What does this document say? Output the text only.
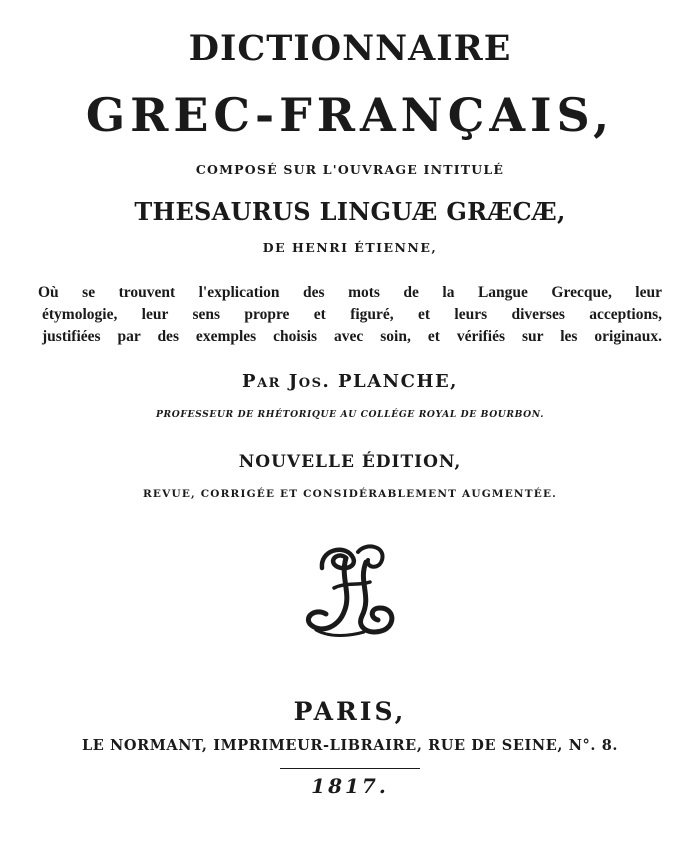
DICTIONNAIRE
GREC-FRANÇAIS,
COMPOSÉ SUR L'OUVRAGE INTITULÉ
THESAURUS LINGUÆ GRÆCÆ,
DE HENRI ÉTIENNE,
Où se trouvent l'explication des mots de la Langue Grecque, leur
étymologie, leur sens propre et figuré, et leurs diverses acceptions,
justifiées par des exemples choisis avec soin, et vérifiés sur les originaux.
Par Jos. PLANCHE,
PROFESSEUR DE RHÉTORIQUE AU COLLÉGE ROYAL DE BOURBON.
NOUVELLE ÉDITION,
REVUE, CORRIGÉE ET CONSIDÉRABLEMENT AUGMENTÉE.
PARIS,
LE NORMANT, IMPRIMEUR-LIBRAIRE, RUE DE SEINE, N°. 8.
1817.
